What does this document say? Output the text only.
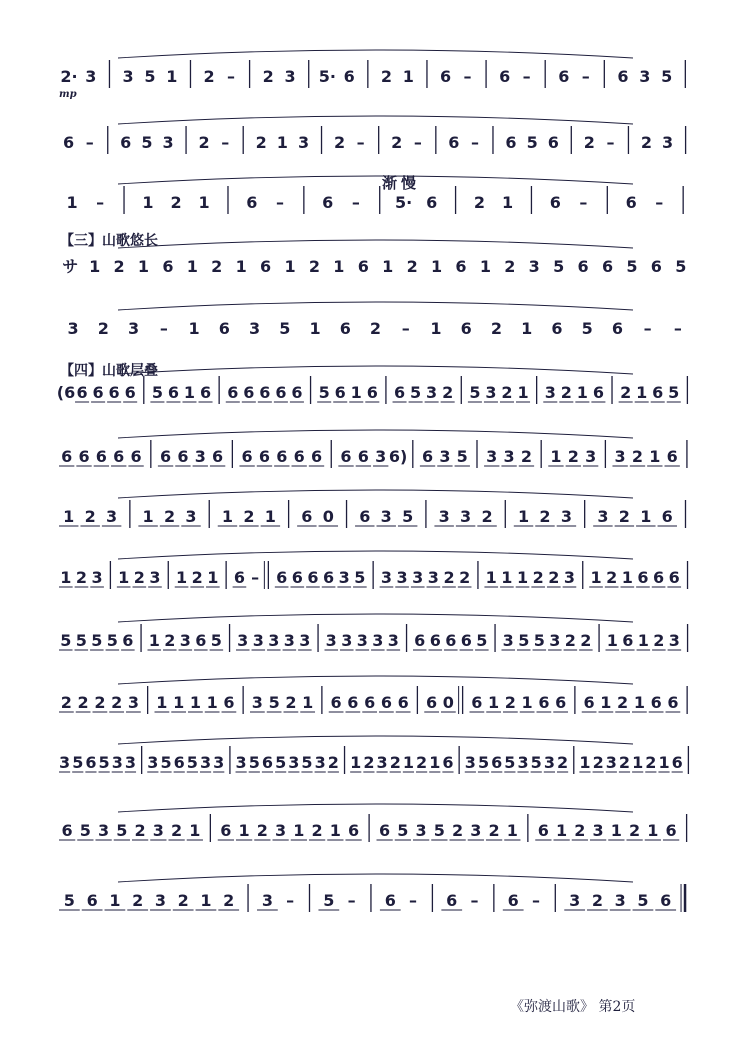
【三】山歌悠长
【四】山歌层叠
渐慢
mp
《弥渡山歌》 第2页
2· 3 3 5 1 2 – 2 3 5· 6 2 1 6 – 6 – 6 – 6 3 5
6 – 6 5 3 2 – 2 1 3 2 – 2 – 6 – 6 5 6 2 – 2 3
1 – 1 2 1 6 – 6 – 5· 6 2 1 6 – 6 –
サ 1 2 1 6 1 2 1 6 1 2 1 6 1 2 1 6 1 2 3 5 6 6 5 6 5
3 2 3 – 1 6 3 5 1 6 2 – 1 6 2 1 6 5 6 – –
(6 6 6 6 6 5 6 1 6 6 6 6 6 6 5 6 1 6 6 5 3 2 5 3 2 1 3 2 1 6 2 1 6 5
6 6 6 6 6 6 6 3 6 6 6 6 6 6 6 6 3 6) 6 3 5 3 3 2 1 2 3 3 2 1 6
1 2 3 1 2 3 1 2 1 6 0 6 3 5 3 3 2 1 2 3 3 2 1 6
1 2 3 1 2 3 1 2 1 6 – 6 6 6 6 3 5 3 3 3 3 2 2 1 1 1 2 2 3 1 2 1 6 6 6
5 5 5 5 6 1 2 3 6 5 3 3 3 3 3 3 3 3 3 3 6 6 6 6 5 3 5 5 3 2 2 1 6 1 2 3
2 2 2 2 3 1 1 1 1 6 3 5 2 1 6 6 6 6 6 6 0 6 1 2 1 6 6 6 1 2 1 6 6
3 5 6 5 3 3 3 5 6 5 3 3 3 5 6 5 3 5 3 2 1 2 3 2 1 2 1 6 3 5 6 5 3 5 3 2 1 2 3 2 1 2 1 6
6 5 3 5 2 3 2 1 6 1 2 3 1 2 1 6 6 5 3 5 2 3 2 1 6 1 2 3 1 2 1 6
5 6 1 2 3 2 1 2 3 – 5 – 6 – 6 – 6 – 3 2 3 5 6
